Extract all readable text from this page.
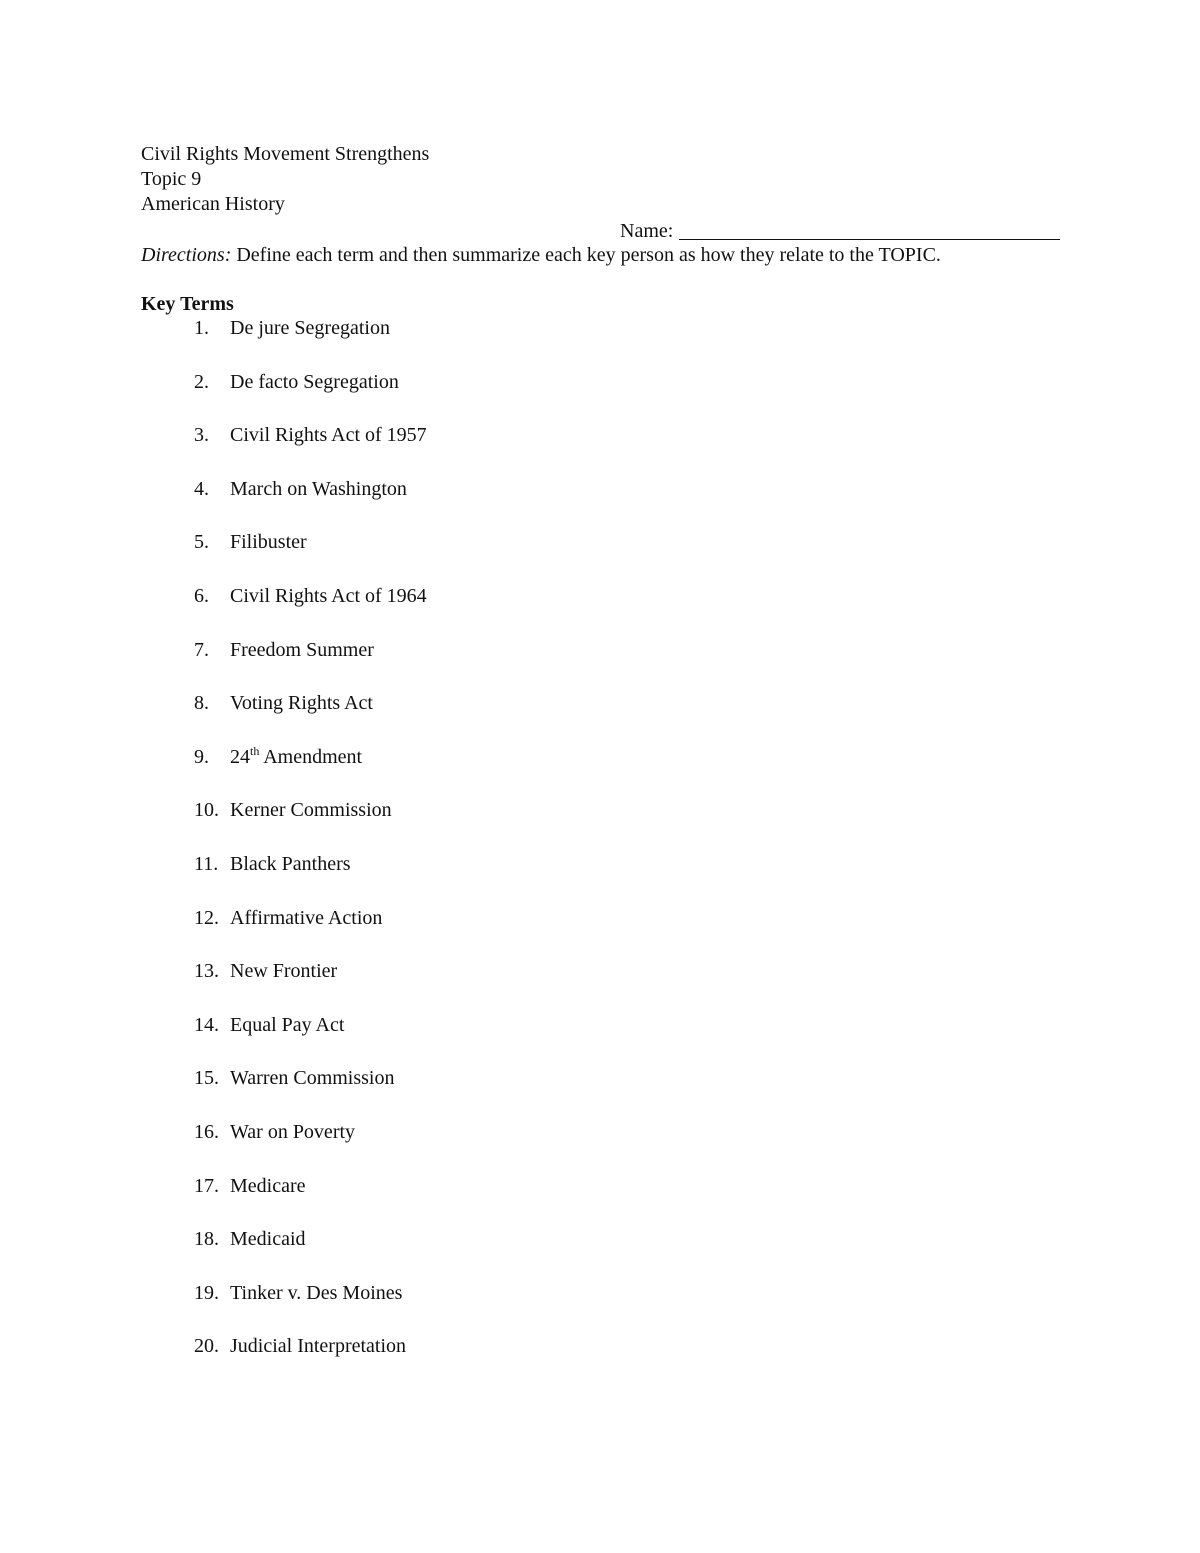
Civil Rights Movement Strengthens
Topic 9
American History
Name:
Directions: Define each term and then summarize each key person as how they relate to the TOPIC.
Key Terms
1. De jure Segregation
2. De facto Segregation
3. Civil Rights Act of 1957
4. March on Washington
5. Filibuster
6. Civil Rights Act of 1964
7. Freedom Summer
8. Voting Rights Act
9. 24th Amendment
10. Kerner Commission
11. Black Panthers
12. Affirmative Action
13. New Frontier
14. Equal Pay Act
15. Warren Commission
16. War on Poverty
17. Medicare
18. Medicaid
19. Tinker v. Des Moines
20. Judicial Interpretation
